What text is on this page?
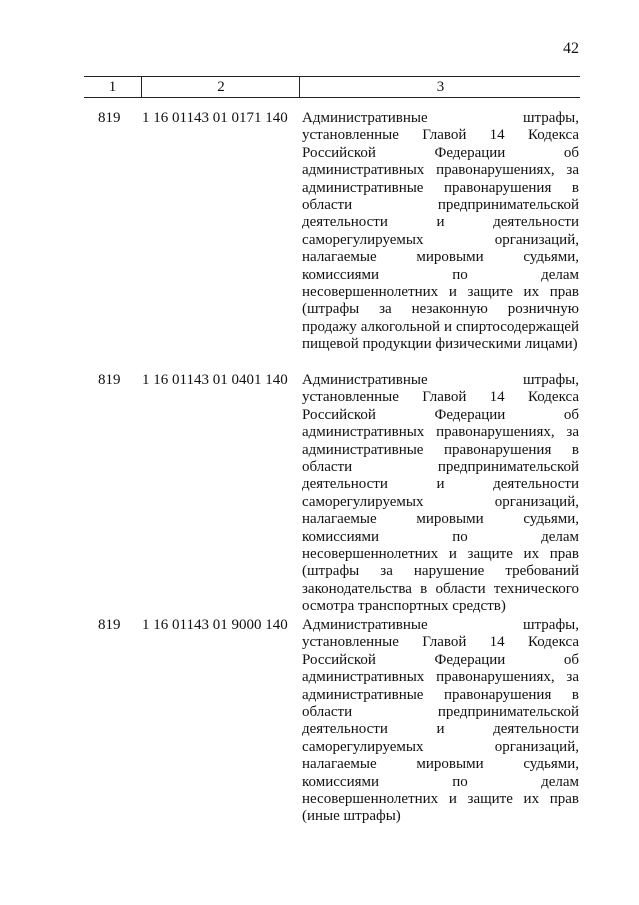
42
1	2	3
819 1 16 01143 01 0171 140 Административные штрафы, установленные Главой 14 Кодекса Российской Федерации об административных правонарушениях, за административные правонарушения в области предпринимательской деятельности и деятельности саморегулируемых организаций, налагаемые мировыми судьями, комиссиями по делам несовершеннолетних и защите их прав (штрафы за незаконную розничную продажу алкогольной и спиртосодержащей пищевой продукции физическими лицами)
819 1 16 01143 01 0401 140 Административные штрафы, установленные Главой 14 Кодекса Российской Федерации об административных правонарушениях, за административные правонарушения в области предпринимательской деятельности и деятельности саморегулируемых организаций, налагаемые мировыми судьями, комиссиями по делам несовершеннолетних и защите их прав (штрафы за нарушение требований законодательства в области технического осмотра транспортных средств)
819 1 16 01143 01 9000 140 Административные штрафы, установленные Главой 14 Кодекса Российской Федерации об административных правонарушениях, за административные правонарушения в области предпринимательской деятельности и деятельности саморегулируемых организаций, налагаемые мировыми судьями, комиссиями по делам несовершеннолетних и защите их прав (иные штрафы)
